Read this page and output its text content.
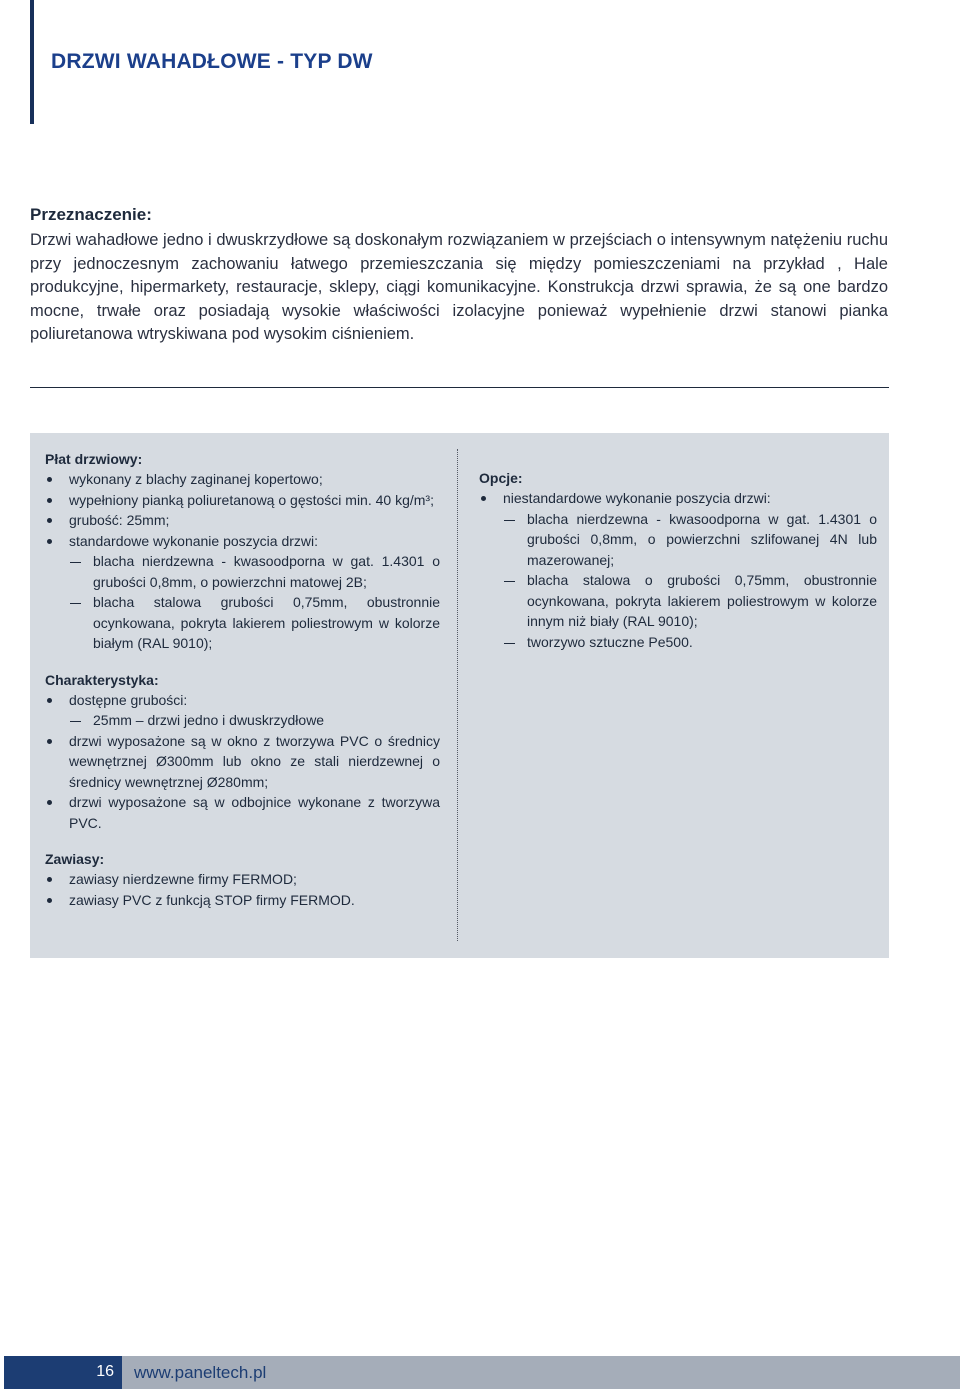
DRZWI WAHADŁOWE - TYP DW
Przeznaczenie:

Drzwi wahadłowe jedno i dwuskrzydłowe są doskonałym rozwiązaniem w przejściach o intensywnym natężeniu ruchu przy jednoczesnym zachowaniu łatwego przemieszczania się między pomieszczeniami na przykład , Hale produkcyjne, hipermarkety, restauracje, sklepy, ciągi komunikacyjne. Konstrukcja drzwi sprawia, że są one bardzo mocne, trwałe oraz posiadają wysokie właściwości izolacyjne ponieważ wypełnienie drzwi stanowi pianka poliuretanowa wtryskiwana pod wysokim ciśnieniem.

Płat drzwiowy:
wykonany z blachy zaginanej kopertowo;
wypełniony pianką poliuretanową o gęstości min. 40 kg/m³;
grubość: 25mm;
standardowe wykonanie poszycia drzwi:
blacha nierdzewna - kwasoodporna w gat. 1.4301 o grubości 0,8mm, o powierzchni matowej 2B;
blacha stalowa grubości 0,75mm, obustronnie ocynkowana, pokryta lakierem poliestrowym w kolorze białym (RAL 9010);
Charakterystyka:
dostępne grubości:
25mm – drzwi jedno i dwuskrzydłowe
drzwi wyposażone są w okno z tworzywa PVC o średnicy wewnętrznej Ø300mm lub okno ze stali nierdzewnej o średnicy wewnętrznej Ø280mm;
drzwi wyposażone są w odbojnice wykonane z tworzywa PVC.
Zawiasy:
zawiasy nierdzewne firmy FERMOD;
zawiasy PVC z funkcją STOP firmy FERMOD.
Opcje:
niestandardowe wykonanie poszycia drzwi:
blacha nierdzewna - kwasoodporna w gat. 1.4301 o grubości 0,8mm, o powierzchni szlifowanej 4N lub mazerowanej;
blacha stalowa o grubości 0,75mm, obustronnie ocynkowana, pokryta lakierem poliestrowym w kolorze innym niż biały (RAL 9010);
tworzywo sztuczne Pe500.
16 www.paneltech.pl
